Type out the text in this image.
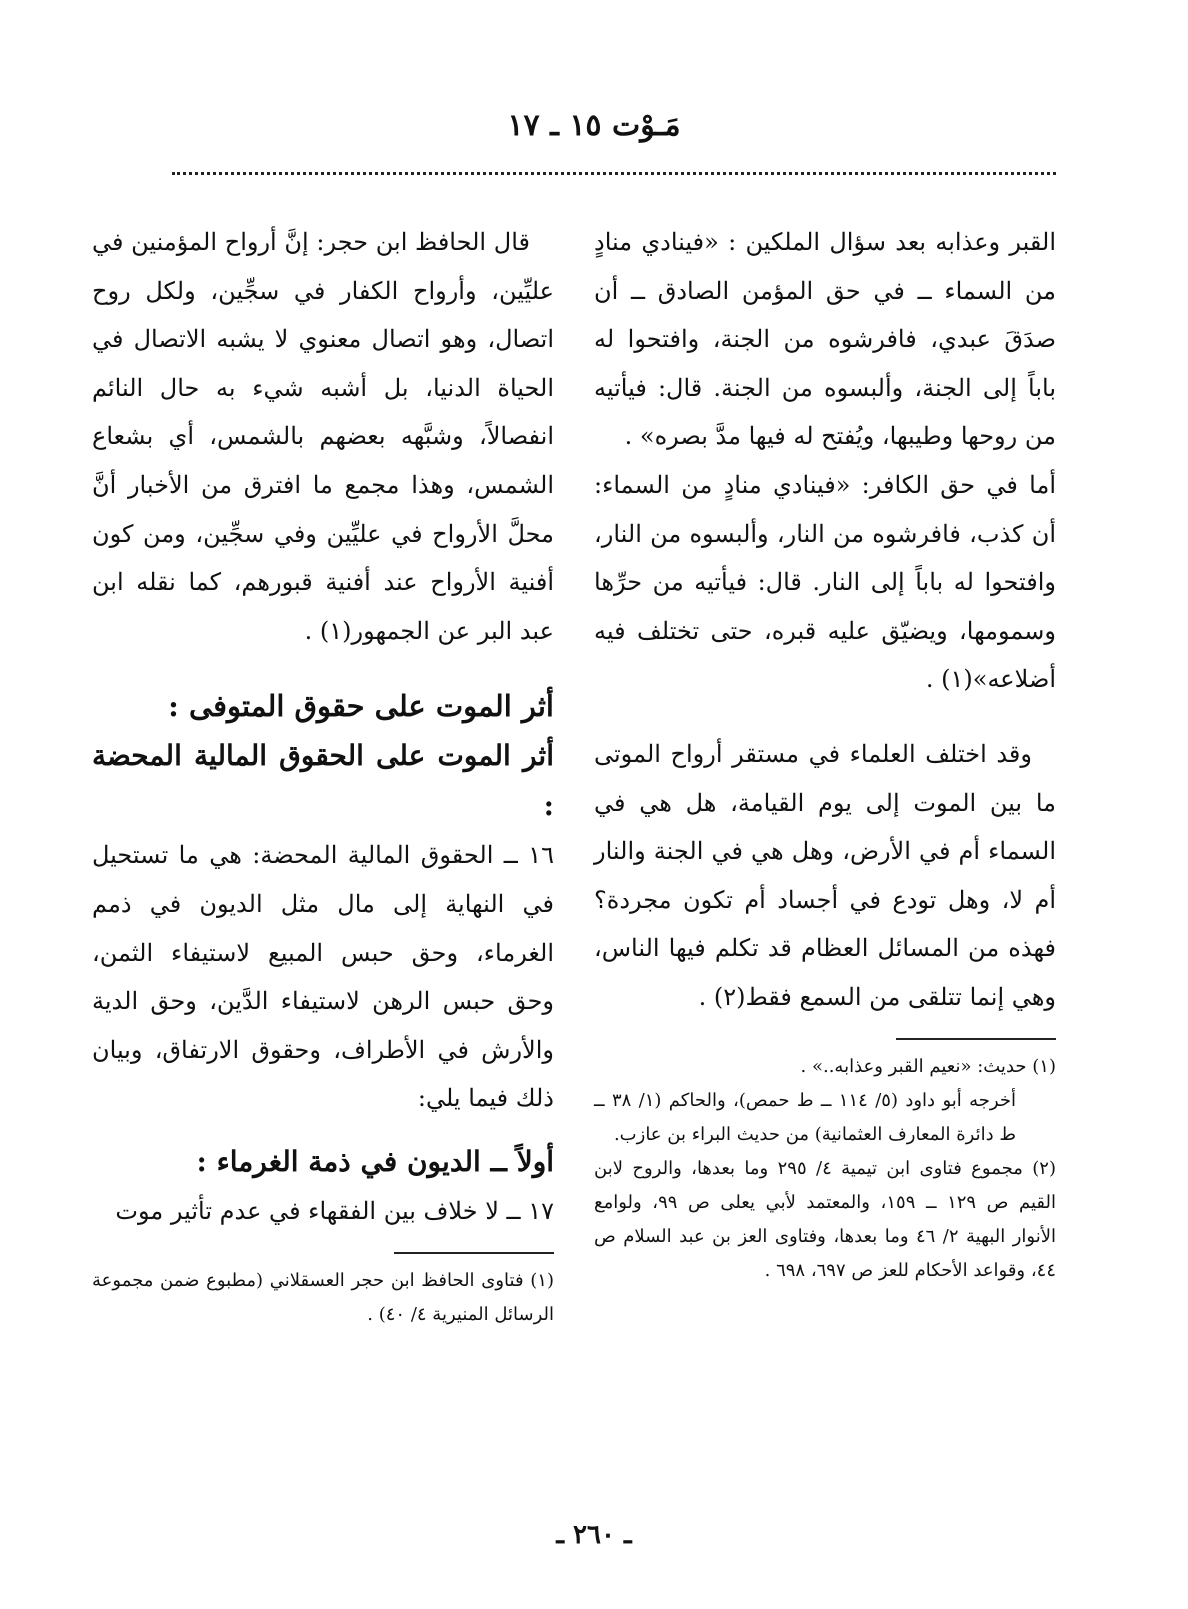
مَـوْت ١٥ ـ ١٧

القبر وعذابه بعد سؤال الملكين : «فينادي منادٍ من السماء ــ في حق المؤمن الصادق ــ أن صدَقَ عبدي، فافرشوه من الجنة، وافتحوا له باباً إلى الجنة، وألبسوه من الجنة. قال: فيأتيه من روحها وطيبها، ويُفتح له فيها مدَّ بصره» .

أما في حق الكافر: «فينادي منادٍ من السماء: أن كذب، فافرشوه من النار، وألبسوه من النار، وافتحوا له باباً إلى النار. قال: فيأتيه من حرِّها وسمومها، ويضيّق عليه قبره، حتى تختلف فيه أضلاعه»(١) .

وقد اختلف العلماء في مستقر أرواح الموتى ما بين الموت إلى يوم القيامة، هل هي في السماء أم في الأرض، وهل هي في الجنة والنار أم لا، وهل تودع في أجساد أم تكون مجردة؟ فهذه من المسائل العظام قد تكلم فيها الناس، وهي إنما تتلقى من السمع فقط(٢) .

(١) حديث: «نعيم القبر وعذابه..» .
أخرجه أبو داود (٥/ ١١٤ ــ ط حمص)، والحاكم (١/ ٣٨ ــ ط دائرة المعارف العثمانية) من حديث البراء بن عازب.

(٢) مجموع فتاوى ابن تيمية ٤/ ٢٩٥ وما بعدها، والروح لابن القيم ص ١٢٩ ــ ١٥٩، والمعتمد لأبي يعلى ص ٩٩، ولوامع الأنوار البهية ٢/ ٤٦ وما بعدها، وفتاوى العز بن عبد السلام ص ٤٤، وقواعد الأحكام للعز ص ٦٩٧، ٦٩٨ .

قال الحافظ ابن حجر: إنَّ أرواح المؤمنين في عليِّين، وأرواح الكفار في سجِّين، ولكل روح اتصال، وهو اتصال معنوي لا يشبه الاتصال في الحياة الدنيا، بل أشبه شيء به حال النائم انفصالاً، وشبَّهه بعضهم بالشمس، أي بشعاع الشمس، وهذا مجمع ما افترق من الأخبار أنَّ محلَّ الأرواح في عليِّين وفي سجِّين، ومن كون أفنية الأرواح عند أفنية قبورهم، كما نقله ابن عبد البر عن الجمهور(١) .

أثر الموت على حقوق المتوفى :

أثر الموت على الحقوق المالية المحضة :

١٦ ــ الحقوق المالية المحضة: هي ما تستحيل في النهاية إلى مال مثل الديون في ذمم الغرماء، وحق حبس المبيع لاستيفاء الثمن، وحق حبس الرهن لاستيفاء الدَّين، وحق الدية والأرش في الأطراف، وحقوق الارتفاق، وبيان ذلك فيما يلي:

أولاً ــ الديون في ذمة الغرماء :

١٧ ــ لا خلاف بين الفقهاء في عدم تأثير موت

(١) فتاوى الحافظ ابن حجر العسقلاني (مطبوع ضمن مجموعة الرسائل المنيرية ٤/ ٤٠) .

ـ ٢٦٠ ـ
